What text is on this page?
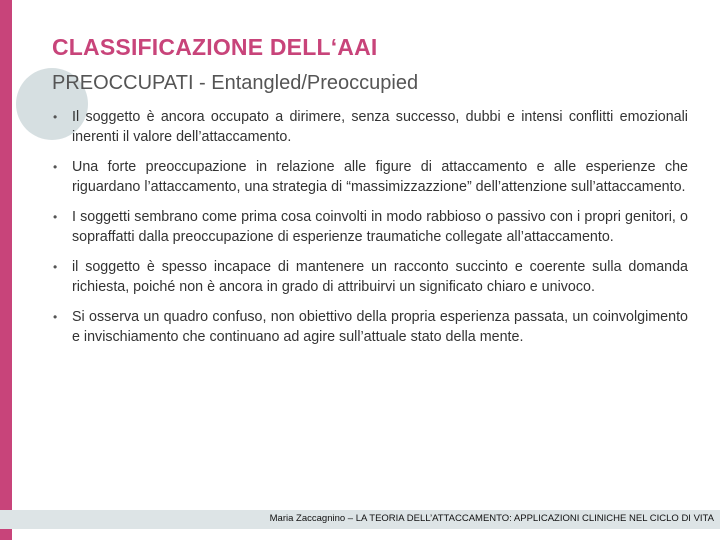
CLASSIFICAZIONE DELL‘AAI
PREOCCUPATI - Entangled/Preoccupied
• Il soggetto è ancora occupato a dirimere, senza successo, dubbi e intensi conflitti emozionali inerenti il valore dell’attaccamento.
• Una forte preoccupazione in relazione alle figure di attaccamento e alle esperienze che riguardano l’attaccamento, una strategia di “massimizzazzione” dell’attenzione sull’attaccamento.
• I soggetti sembrano come prima cosa coinvolti in modo rabbioso o passivo con i propri genitori, o sopraffatti dalla preoccupazione di esperienze traumatiche collegate all’attaccamento.
• il soggetto è spesso incapace di mantenere un racconto succinto e coerente sulla domanda richiesta, poiché non è ancora in grado di attribuirvi un significato chiaro e univoco.
• Si osserva un quadro confuso, non obiettivo della propria esperienza passata, un coinvolgimento e invischiamento che continuano ad agire sull’attuale stato della mente.
Maria Zaccagnino – LA TEORIA DELL’ATTACCAMENTO: APPLICAZIONI CLINICHE NEL CICLO DI VITA
